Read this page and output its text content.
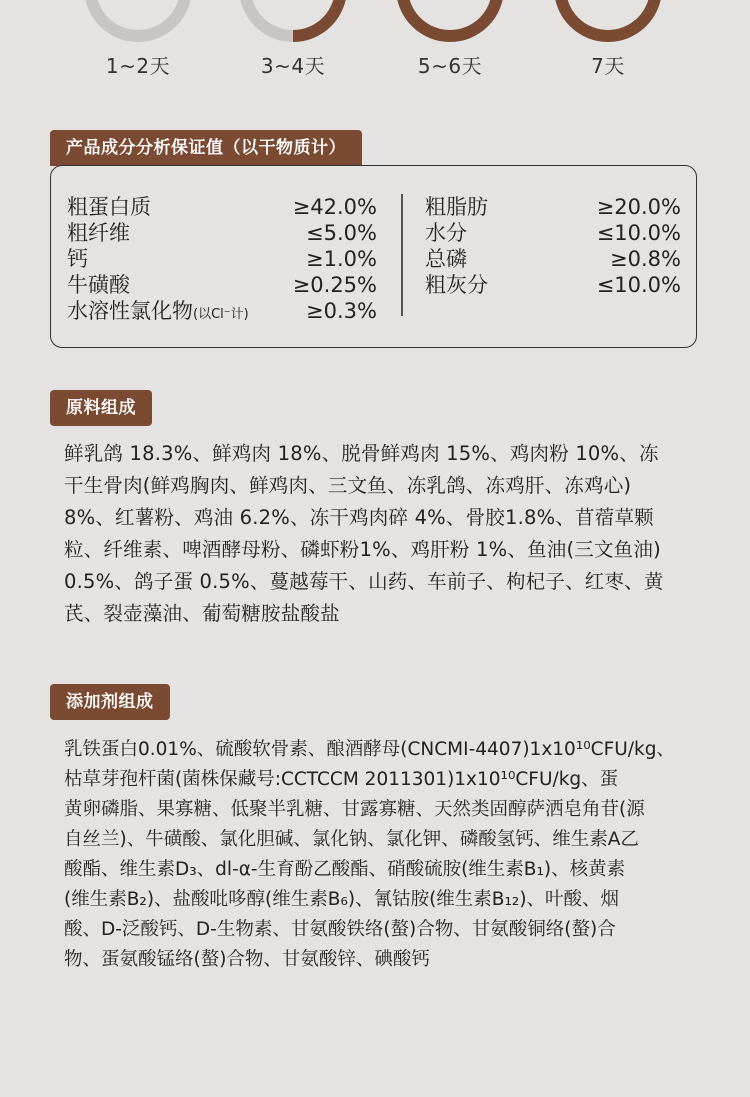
1~2天	3~4天	5~6天	7天
产品成分分析保证值（以干物质计）
粗蛋白质	≥42.0%
粗纤维	≤5.0%
钙	≥1.0%
牛磺酸	≥0.25%
水溶性氯化物(以Cl⁻计)	≥0.3%
粗脂肪	≥20.0%
水分	≤10.0%
总磷	≥0.8%
粗灰分	≤10.0%
原料组成
鲜乳鸽 18.3%、鲜鸡肉 18%、脱骨鲜鸡肉 15%、鸡肉粉 10%、冻
干生骨肉(鲜鸡胸肉、鲜鸡肉、三文鱼、冻乳鸽、冻鸡肝、冻鸡心)
8%、红薯粉、鸡油 6.2%、冻干鸡肉碎 4%、骨胶1.8%、苜蓿草颗
粒、纤维素、啤酒酵母粉、磷虾粉1%、鸡肝粉 1%、鱼油(三文鱼油)
0.5%、鸽子蛋 0.5%、蔓越莓干、山药、车前子、枸杞子、红枣、黄
芪、裂壶藻油、葡萄糖胺盐酸盐
添加剂组成
乳铁蛋白0.01%、硫酸软骨素、酿酒酵母(CNCMI-4407)1x10¹⁰CFU/kg、
枯草芽孢杆菌(菌株保藏号:CCTCCM 2011301)1x10¹⁰CFU/kg、蛋
黄卵磷脂、果寡糖、低聚半乳糖、甘露寡糖、天然类固醇萨洒皂角苷(源
自丝兰)、牛磺酸、氯化胆碱、氯化钠、氯化钾、磷酸氢钙、维生素A乙
酸酯、维生素D₃、dl-α-生育酚乙酸酯、硝酸硫胺(维生素B₁)、核黄素
(维生素B₂)、盐酸吡哆醇(维生素B₆)、氰钴胺(维生素B₁₂)、叶酸、烟
酸、D-泛酸钙、D-生物素、甘氨酸铁络(螯)合物、甘氨酸铜络(螯)合
物、蛋氨酸锰络(螯)合物、甘氨酸锌、碘酸钙
